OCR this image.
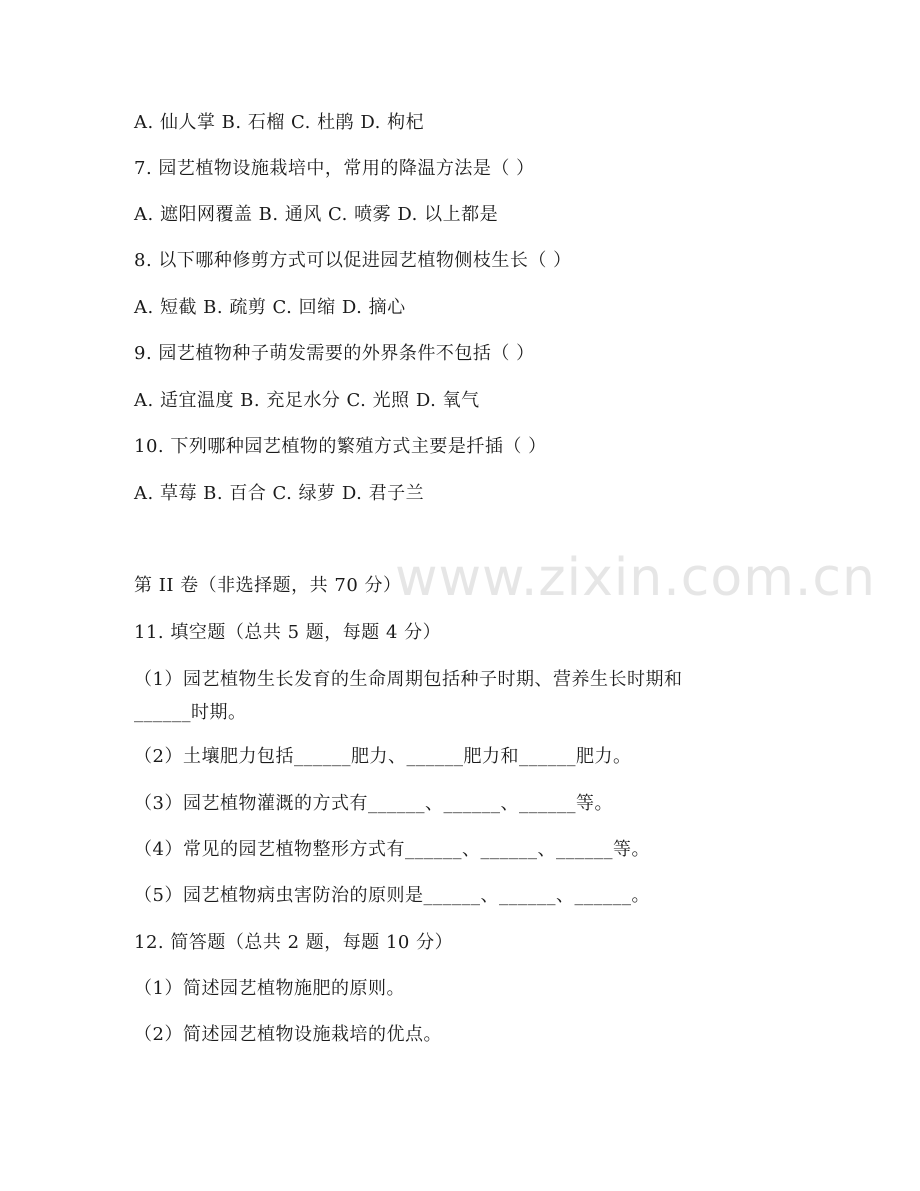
www.zixin.com.cn
A. 仙人掌 B. 石榴 C. 杜鹃 D. 枸杞
7. 园艺植物设施栽培中，常用的降温方法是（ ）
A. 遮阳网覆盖 B. 通风 C. 喷雾 D. 以上都是
8. 以下哪种修剪方式可以促进园艺植物侧枝生长（ ）
A. 短截 B. 疏剪 C. 回缩 D. 摘心
9. 园艺植物种子萌发需要的外界条件不包括（ ）
A. 适宜温度 B. 充足水分 C. 光照 D. 氧气
10. 下列哪种园艺植物的繁殖方式主要是扦插（ ）
A. 草莓 B. 百合 C. 绿萝 D. 君子兰
第 II 卷（非选择题，共 70 分）
11. 填空题（总共 5 题，每题 4 分）
（1）园艺植物生长发育的生命周期包括种子时期、营养生长时期和
______时期。
（2）土壤肥力包括______肥力、______肥力和______肥力。
（3）园艺植物灌溉的方式有______、______、______等。
（4）常见的园艺植物整形方式有______、______、______等。
（5）园艺植物病虫害防治的原则是______、______、______。
12. 简答题（总共 2 题，每题 10 分）
（1）简述园艺植物施肥的原则。
（2）简述园艺植物设施栽培的优点。
